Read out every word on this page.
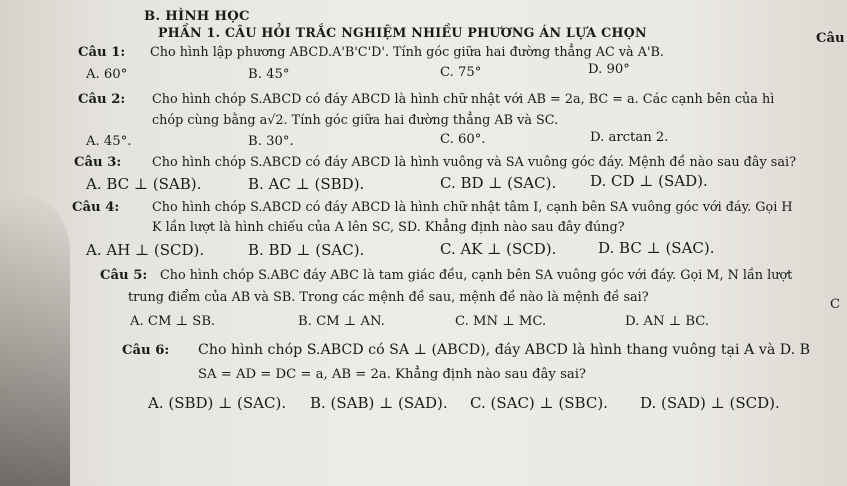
B. HÌNH HỌC
PHẦN 1. CÂU HỎI TRẮC NGHIỆM NHIỀU PHƯƠNG ÁN LỰA CHỌN	Câu
Câu 1: Cho hình lập phương ABCD.A'B'C'D'. Tính góc giữa hai đường thẳng AC và A'B.
A. 60°	B. 45°	C. 75°	D. 90°
Câu 2: Cho hình chóp S.ABCD có đáy ABCD là hình chữ nhật với AB = 2a, BC = a. Các cạnh bên của hì
chóp cùng bằng a√2. Tính góc giữa hai đường thẳng AB và SC.
A. 45°.	B. 30°.	C. 60°.	D. arctan 2.
Câu 3: Cho hình chóp S.ABCD có đáy ABCD là hình vuông và SA vuông góc đáy. Mệnh đề nào sau đây sai?
A. BC ⊥ (SAB).	B. AC ⊥ (SBD).	C. BD ⊥ (SAC). D. CD ⊥ (SAD).
Câu 4:	Cho hình chóp S.ABCD có đáy ABCD là hình chữ nhật tâm I, cạnh bên SA vuông góc với đáy. Gọi H
K lần lượt là hình chiếu của A lên SC, SD. Khẳng định nào sau đây đúng?
A. AH ⊥ (SCD).	B. BD ⊥ (SAC).	C. AK ⊥ (SCD).	D. BC ⊥ (SAC).
Câu 5: Cho hình chóp S.ABC đáy ABC là tam giác đều, cạnh bên SA vuông góc với đáy. Gọi M, N lần lượt
trung điểm của AB và SB. Trong các mệnh đề sau, mệnh đề nào là mệnh đề sai?	C
A. CM ⊥ SB.	B. CM ⊥ AN.	C. MN ⊥ MC.	D. AN ⊥ BC.
Câu 6: Cho hình chóp S.ABCD có SA ⊥ (ABCD), đáy ABCD là hình thang vuông tại A và D. B
SA = AD = DC = a, AB = 2a. Khẳng định nào sau đây sai?
A. (SBD) ⊥ (SAC). B. (SAB) ⊥ (SAD). C. (SAC) ⊥ (SBC). D. (SAD) ⊥ (SCD).
